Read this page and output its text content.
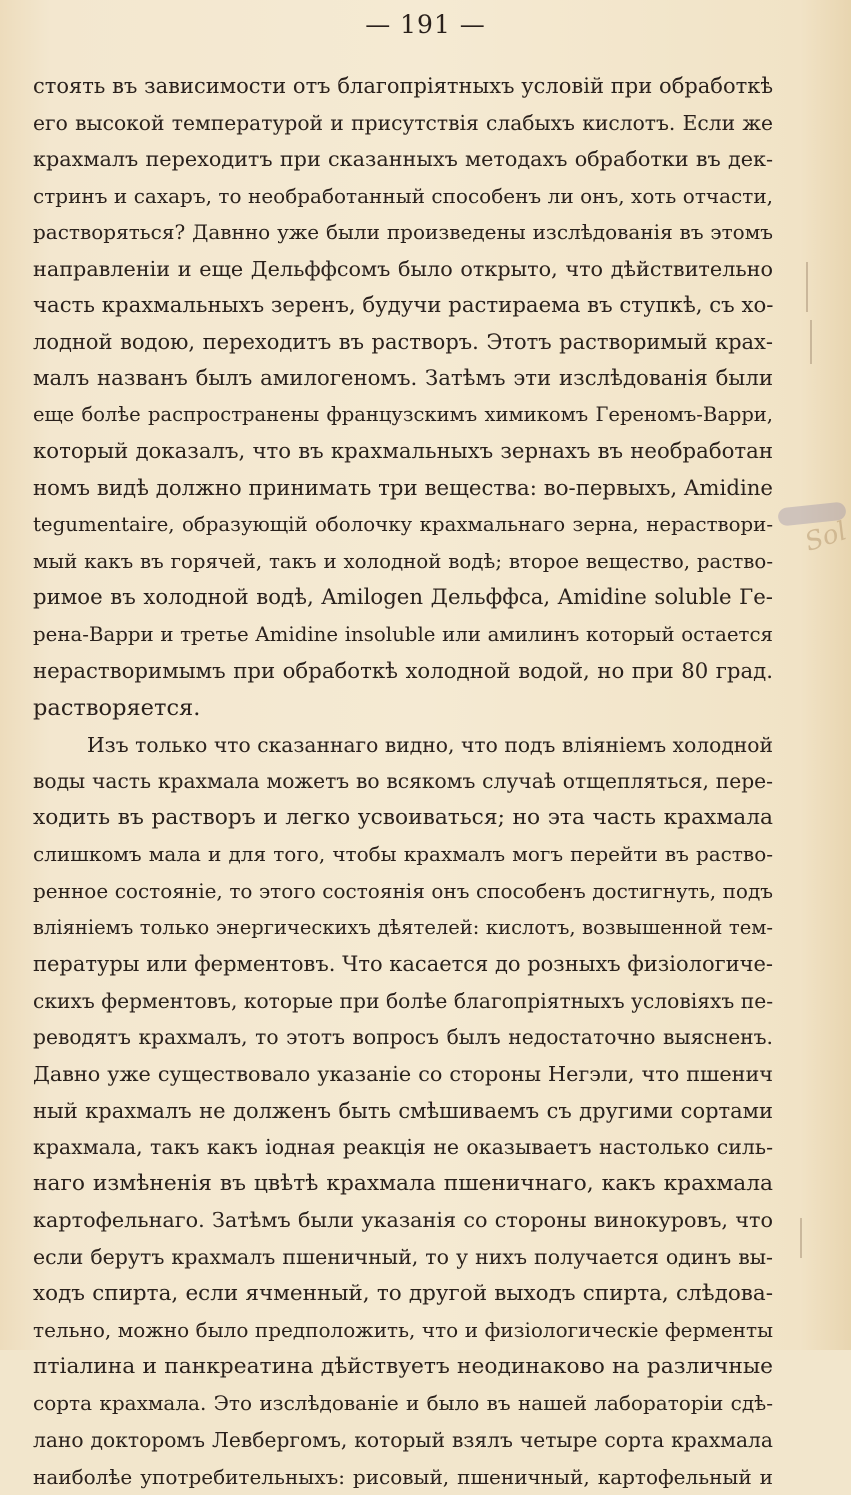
— 191 —
стоять въ зависимости отъ благопріятныхъ условій при обработкѣ
его высокой температурой и присутствія слабыхъ кислотъ. Если же
крахмалъ переходитъ при сказанныхъ методахъ обработки въ дек-
стринъ и сахаръ, то необработанный способенъ ли онъ, хоть отчасти,
растворяться? Давнно уже были произведены изслѣдованія въ этомъ
направленіи и еще Дельффсомъ было открыто, что дѣйствительно
часть крахмальныхъ зеренъ, будучи растираема въ ступкѣ, съ хо-
лодной водою, переходитъ въ растворъ. Этотъ растворимый крах-
малъ названъ былъ амилогеномъ. Затѣмъ эти изслѣдованія были
еще болѣе распространены французскимъ химикомъ Гереномъ-Варри,
который доказалъ, что въ крахмальныхъ зернахъ въ необработан
номъ видѣ должно принимать три вещества: во-первыхъ, Amidine
tegumentaire, образующій оболочку крахмальнаго зерна, нераствори-
мый какъ въ горячей, такъ и холодной водѣ; второе вещество, раство-
римое въ холодной водѣ, Amilogen Дельффса, Amidine soluble Ге-
рена-Варри и третье Amidine insoluble или амилинъ который остается
нерастворимымъ при обработкѣ холодной водой, но при 80 град.
растворяется.
Изъ только что сказаннаго видно, что подъ вліяніемъ холодной
воды часть крахмала можетъ во всякомъ случаѣ отщепляться, пере-
ходить въ растворъ и легко усвоиваться; но эта часть крахмала
слишкомъ мала и для того, чтобы крахмалъ могъ перейти въ раство-
ренное состояніе, то этого состоянія онъ способенъ достигнуть, подъ
вліяніемъ только энергическихъ дѣятелей: кислотъ, возвышенной тем-
пературы или ферментовъ. Что касается до розныхъ физіологиче-
скихъ ферментовъ, которые при болѣе благопріятныхъ условіяхъ пе-
реводятъ крахмалъ, то этотъ вопросъ былъ недостаточно выясненъ.
Давно уже существовало указаніе со стороны Негэли, что пшенич
ный крахмалъ не долженъ быть смѣшиваемъ съ другими сортами
крахмала, такъ какъ іодная реакція не оказываетъ настолько силь-
наго измѣненія въ цвѣтѣ крахмала пшеничнаго, какъ крахмала
картофельнаго. Затѣмъ были указанія со стороны винокуровъ, что
если берутъ крахмалъ пшеничный, то у нихъ получается одинъ вы-
ходъ спирта, если ячменный, то другой выходъ спирта, слѣдова-
тельно, можно было предположить, что и физіологическіе ферменты
птіалина и панкреатина дѣйствуетъ неодинаково на различные
сорта крахмала. Это изслѣдованіе и было въ нашей лабораторіи сдѣ-
лано докторомъ Левбергомъ, который взялъ четыре сорта крахмала
наиболѣе употребительныхъ: рисовый, пшеничный, картофельный и
Sol
